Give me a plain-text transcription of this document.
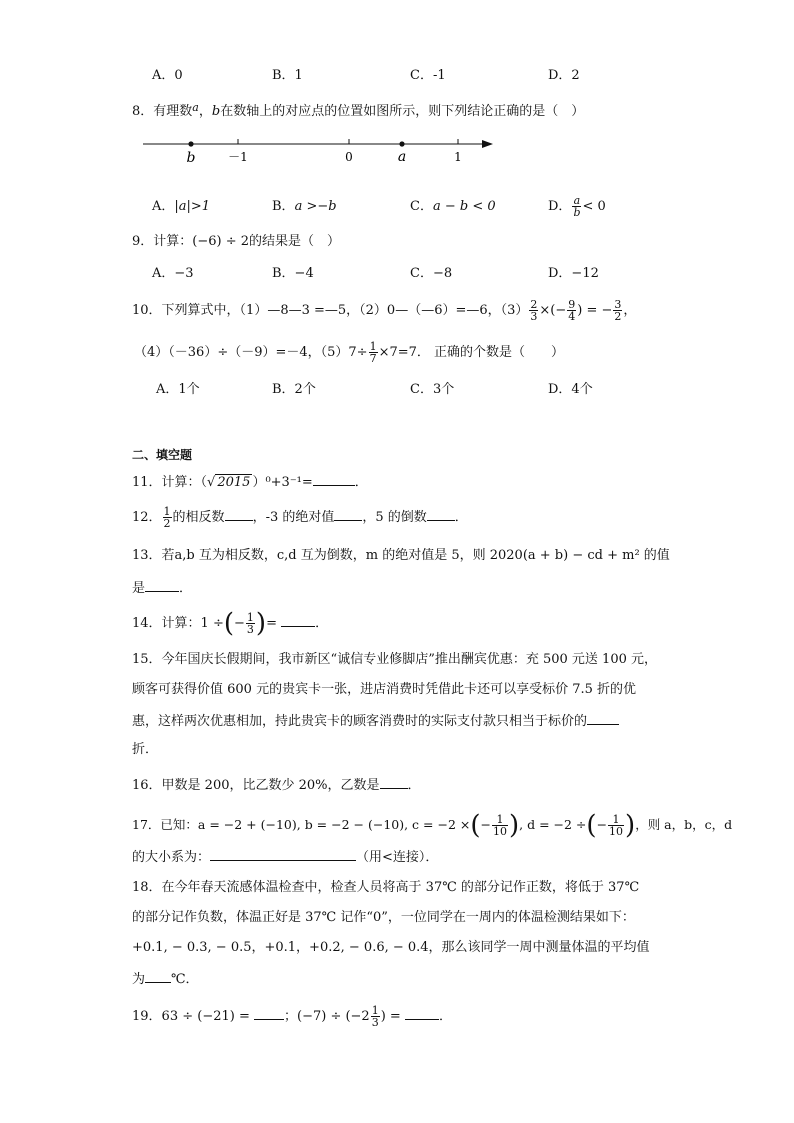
A．0	B．1	C．-1	D．2
8．有理数$^a$，b在数轴上的对应点的位置如图所示，则下列结论正确的是（　）
b	－1	0	a	1
A．|a|>1	B．a >−b	C．a − b < 0	D． $\frac{a}{b} < 0$
9．计算：(−6) ÷ 2的结果是（　）
A．−3	B．−4	C．−8	D．−12
10．下列算式中，（1）—8—3 =—5，（2）0—（—6）=—6，$(3) \frac{2}{3}$ ×(− $\frac{9}{4}$ ) = − $\frac{3}{2}$ ，
（4）（－36）÷（－9）=－4，$(5)7\div \frac{1}{7} \times 7=7$． 正确的个数是（　　）
A．1个	B．2个	C．3个	D．4个
二、填空题
11．计算：（√ 2015 ）⁰+3⁻¹=	．
12． $\frac{1}{2}$ 的相反数 ，-3 的绝对值 ，5 的倒数 ．
13．若a,b 互为相反数，c,d 互为倒数，m 的绝对值是 5，则 2020(a + b) − cd + m² 的值
是	．
14．计算：1 ÷(− $\frac{1}{3}$ )=	．
15．今年国庆长假期间，我市新区“诚信专业修脚店”推出酬宾优惠：充 500 元送 100 元，
顾客可获得价值 600 元的贵宾卡一张，进店消费时凭借此卡还可以享受标价 7.5 折的优
惠，这样两次优惠相加，持此贵宾卡的顾客消费时的实际支付款只相当于标价的
折．
16．甲数是 200，比乙数少 20%，乙数是 ．
17．已知：a = −2 + (−10), b = −2 − (−10), c = −2 ×(− $\frac{1}{10}$ ), d = −2 ÷(− $\frac{1}{10}$ )，则 a，b，c，d
的大小系为：	（用<连接）．
18．在今年春天流感体温检查中，检查人员将高于 37℃ 的部分记作正数，将低于 37℃
的部分记作负数，体温正好是 37℃ 记作“0”，一位同学在一周内的体温检测结果如下：
+0.1, − 0.3, − 0.5，+0.1，+0.2, − 0.6, − 0.4，那么该同学一周中测量体温的平均值
为 ℃．
19．63 ÷ (−21) =	；$(-7) \div (-2 \frac{1}{3}$ ) =	．
